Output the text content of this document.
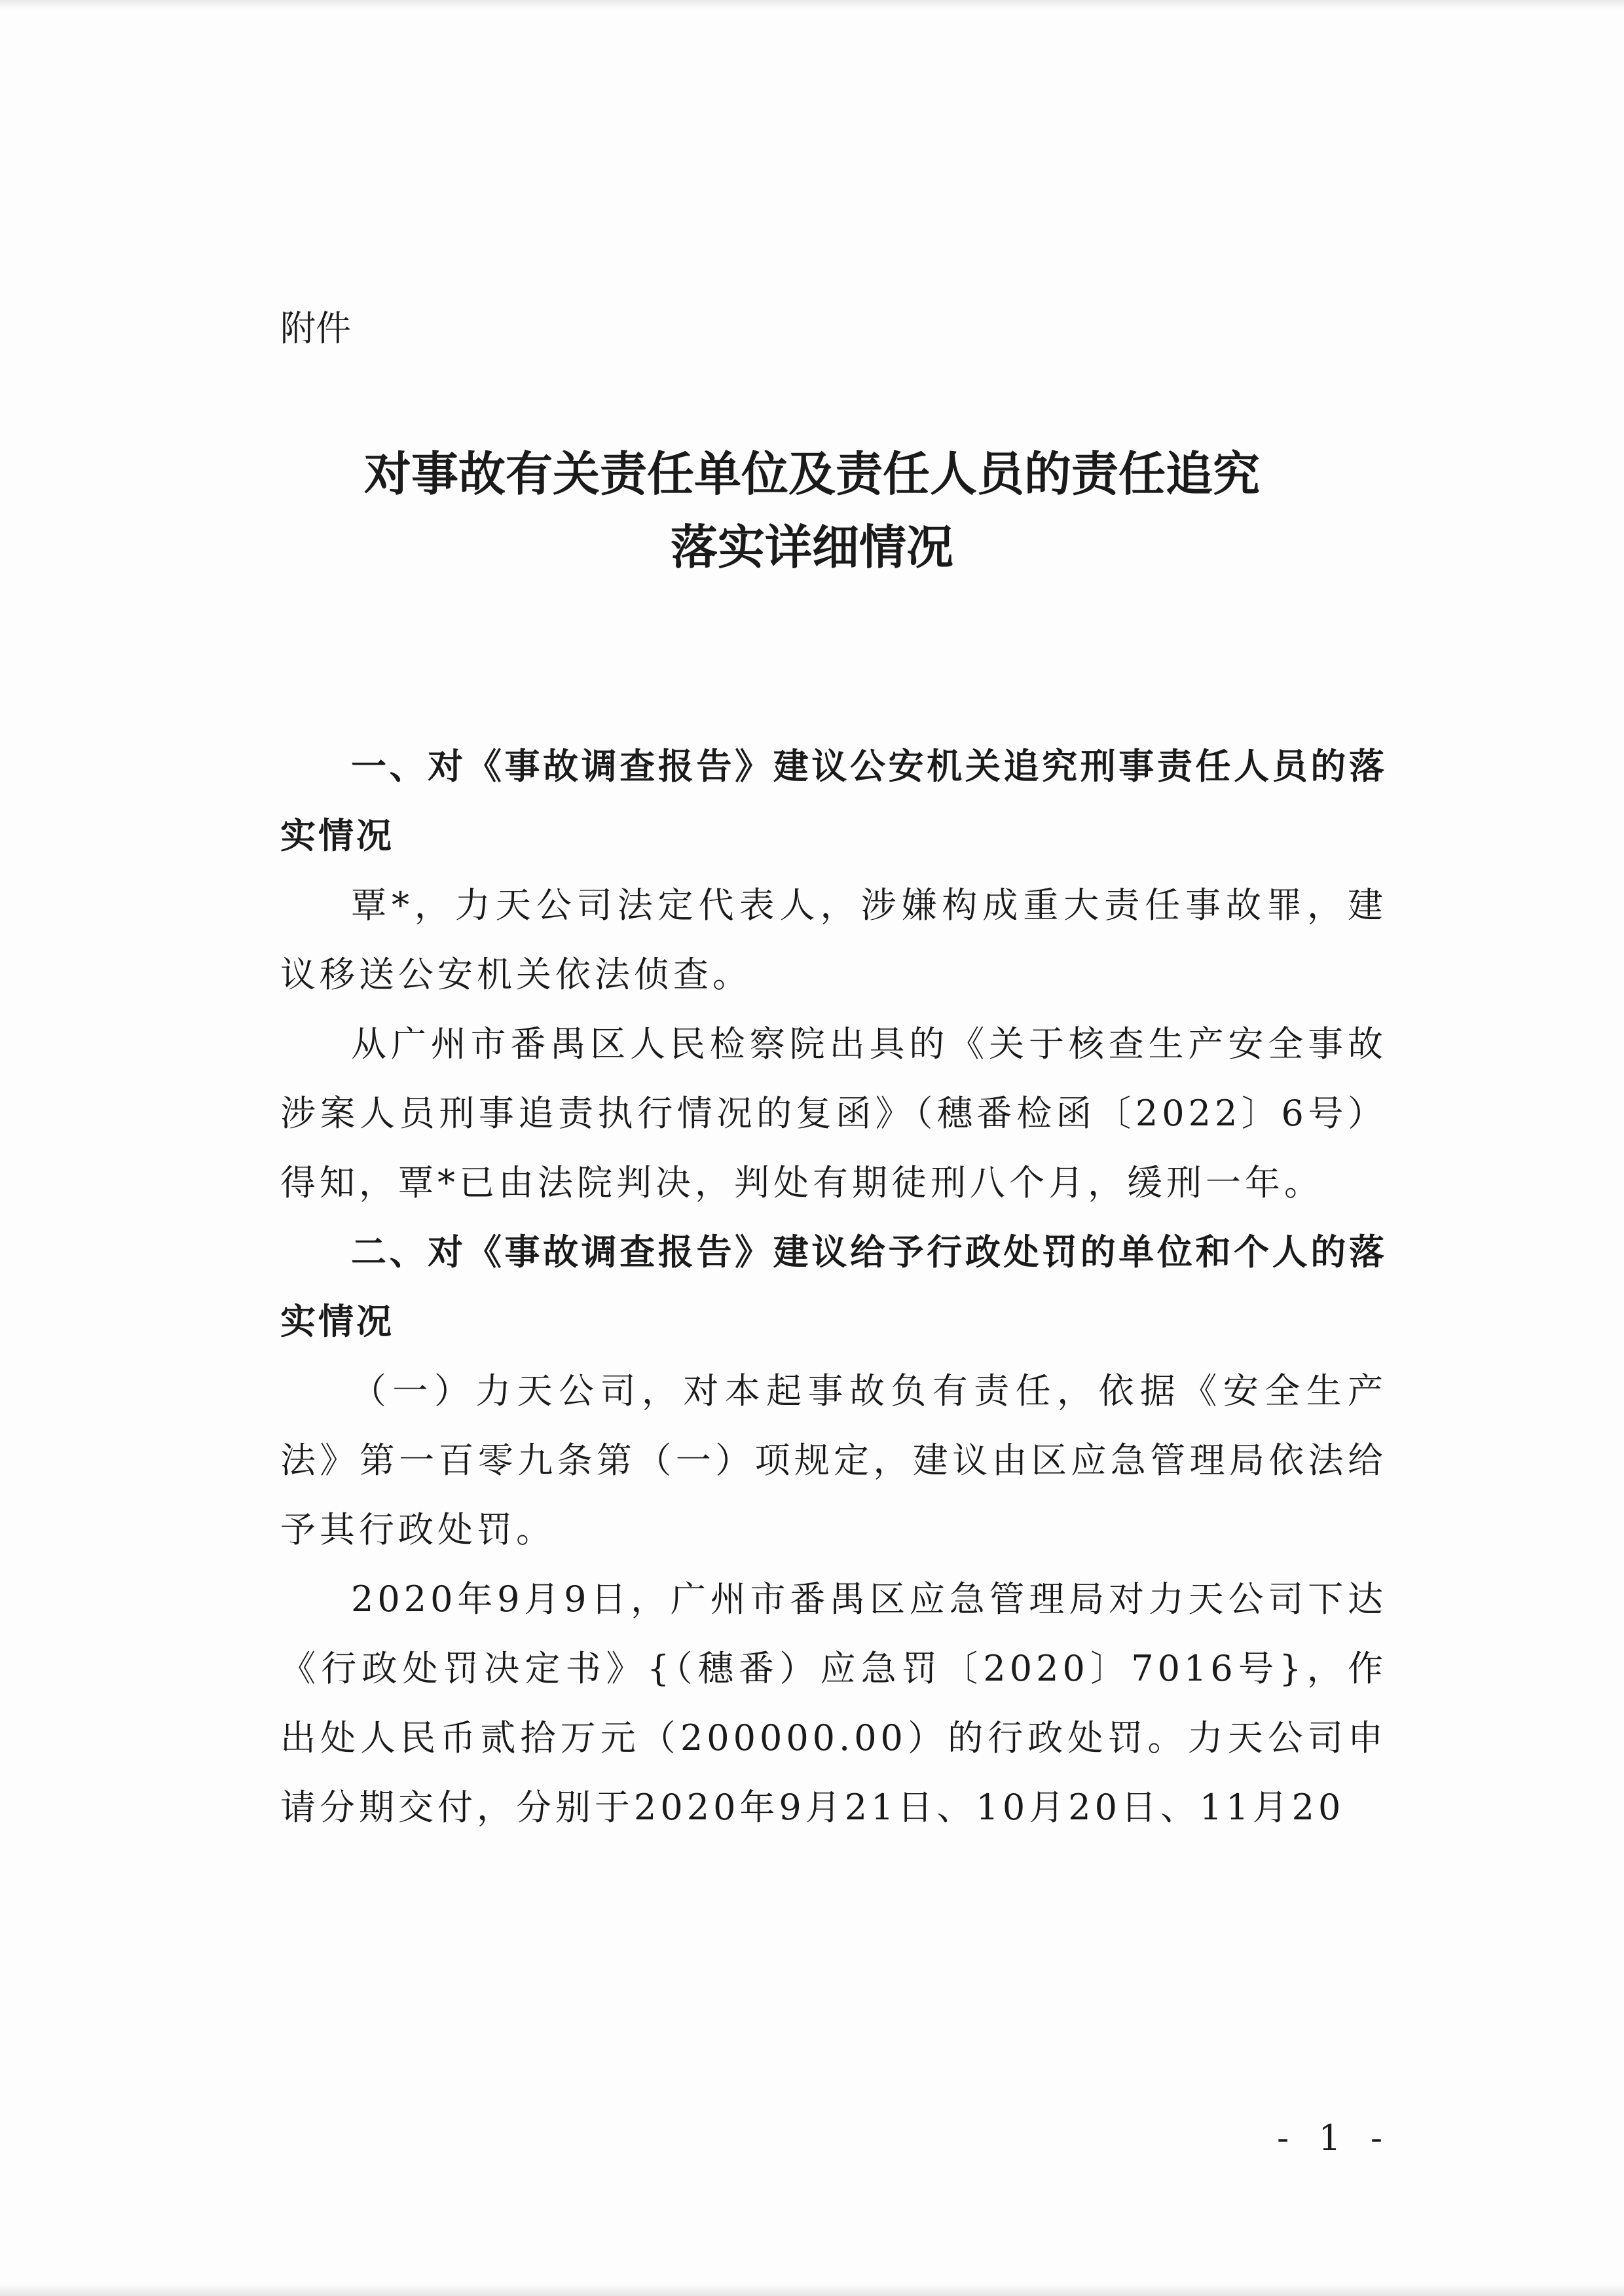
附件

对事故有关责任单位及责任人员的责任追究
落实详细情况

一、对《事故调查报告》建议公安机关追究刑事责任人员的落实情况

覃*，力天公司法定代表人，涉嫌构成重大责任事故罪，建议移送公安机关依法侦查。

从广州市番禺区人民检察院出具的《关于核查生产安全事故涉案人员刑事追责执行情况的复函》（穗番检函〔2022〕6号）得知，覃*已由法院判决，判处有期徒刑八个月，缓刑一年。

二、对《事故调查报告》建议给予行政处罚的单位和个人的落实情况

（一）力天公司，对本起事故负有责任，依据《安全生产法》第一百零九条第（一）项规定，建议由区应急管理局依法给予其行政处罚。

2020年9月9日，广州市番禺区应急管理局对力天公司下达《行政处罚决定书》{（穗番）应急罚〔2020〕7016号}，作出处人民币贰拾万元（200000.00）的行政处罚。力天公司申请分期交付，分别于2020年9月21日、10月20日、11月20

- 1 -
